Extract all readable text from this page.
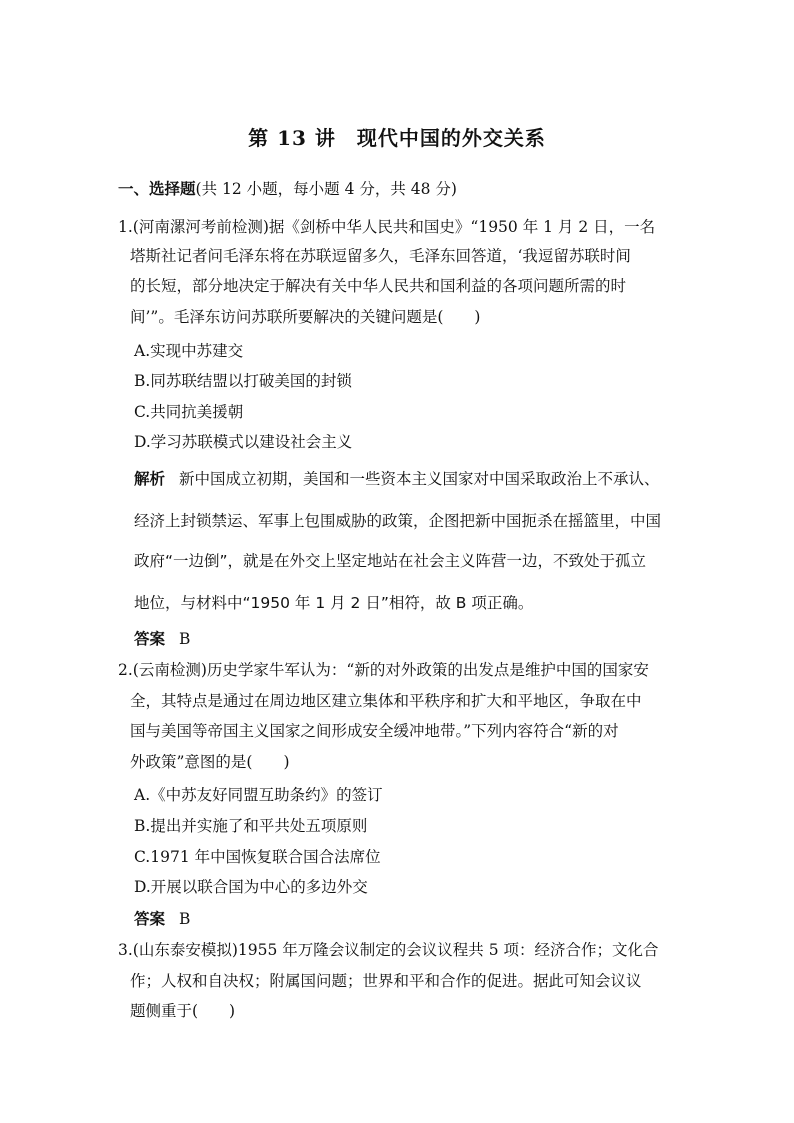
第 13 讲　现代中国的外交关系
一、选择题(共 12 小题，每小题 4 分，共 48 分)
1.(河南漯河考前检测)据《剑桥中华人民共和国史》“1950 年 1 月 2 日，一名
塔斯社记者问毛泽东将在苏联逗留多久，毛泽东回答道，‘我逗留苏联时间
的长短，部分地决定于解决有关中华人民共和国利益的各项问题所需的时
间’”。毛泽东访问苏联所要解决的关键问题是(　　)
A.实现中苏建交
B.同苏联结盟以打破美国的封锁
C.共同抗美援朝
D.学习苏联模式以建设社会主义
解析 新中国成立初期，美国和一些资本主义国家对中国采取政治上不承认、
经济上封锁禁运、军事上包围威胁的政策，企图把新中国扼杀在摇篮里，中国
政府“一边倒”，就是在外交上坚定地站在社会主义阵营一边，不致处于孤立
地位，与材料中“1950 年 1 月 2 日”相符，故 B 项正确。
答案 B
2.(云南检测)历史学家牛军认为：“新的对外政策的出发点是维护中国的国家安
全，其特点是通过在周边地区建立集体和平秩序和扩大和平地区，争取在中
国与美国等帝国主义国家之间形成安全缓冲地带。”下列内容符合“新的对
外政策”意图的是(　　)
A.《中苏友好同盟互助条约》的签订
B.提出并实施了和平共处五项原则
C.1971 年中国恢复联合国合法席位
D.开展以联合国为中心的多边外交
答案 B
3.(山东泰安模拟)1955 年万隆会议制定的会议议程共 5 项：经济合作；文化合
作；人权和自决权；附属国问题；世界和平和合作的促进。据此可知会议议
题侧重于(　　)
